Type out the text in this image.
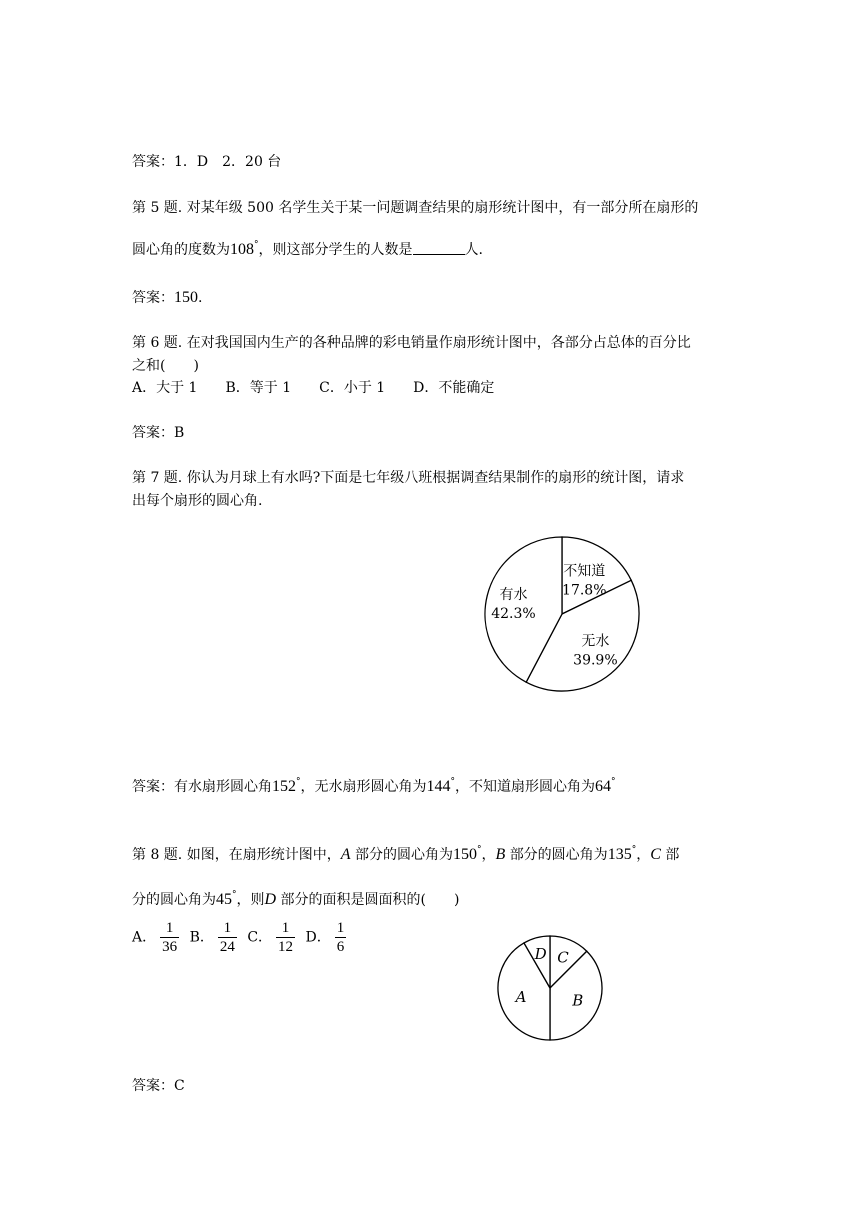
答案：1．D　2．20 台
第 5 题. 对某年级 500 名学生关于某一问题调查结果的扇形统计图中，有一部分所在扇形的
圆心角的度数为108°，则这部分学生的人数是	人.
答案：150.
第 6 题. 在对我国国内生产的各种品牌的彩电销量作扇形统计图中，各部分占总体的百分比
之和(　　)
A．大于 1　　B．等于 1　　C．小于 1　　D．不能确定
答案：B
第 7 题. 你认为月球上有水吗?下面是七年级八班根据调查结果制作的扇形的统计图，请求
出每个扇形的圆心角.
不知道
17.8%
无水
39.9%
有水
42.3%
答案：有水扇形圆心角152°，无水扇形圆心角为144°，不知道扇形圆心角为64°
第 8 题. 如图，在扇形统计图中，A 部分的圆心角为150°，B 部分的圆心角为135°，C 部
分的圆心角为45°，则D 部分的面积是圆面积的(　　)
A． $\frac{1}{36}$ B． $\frac{1}{24}$ C． $\frac{1}{12}$ D． $\frac{1}{6}$
C
B
A
D
答案：C
